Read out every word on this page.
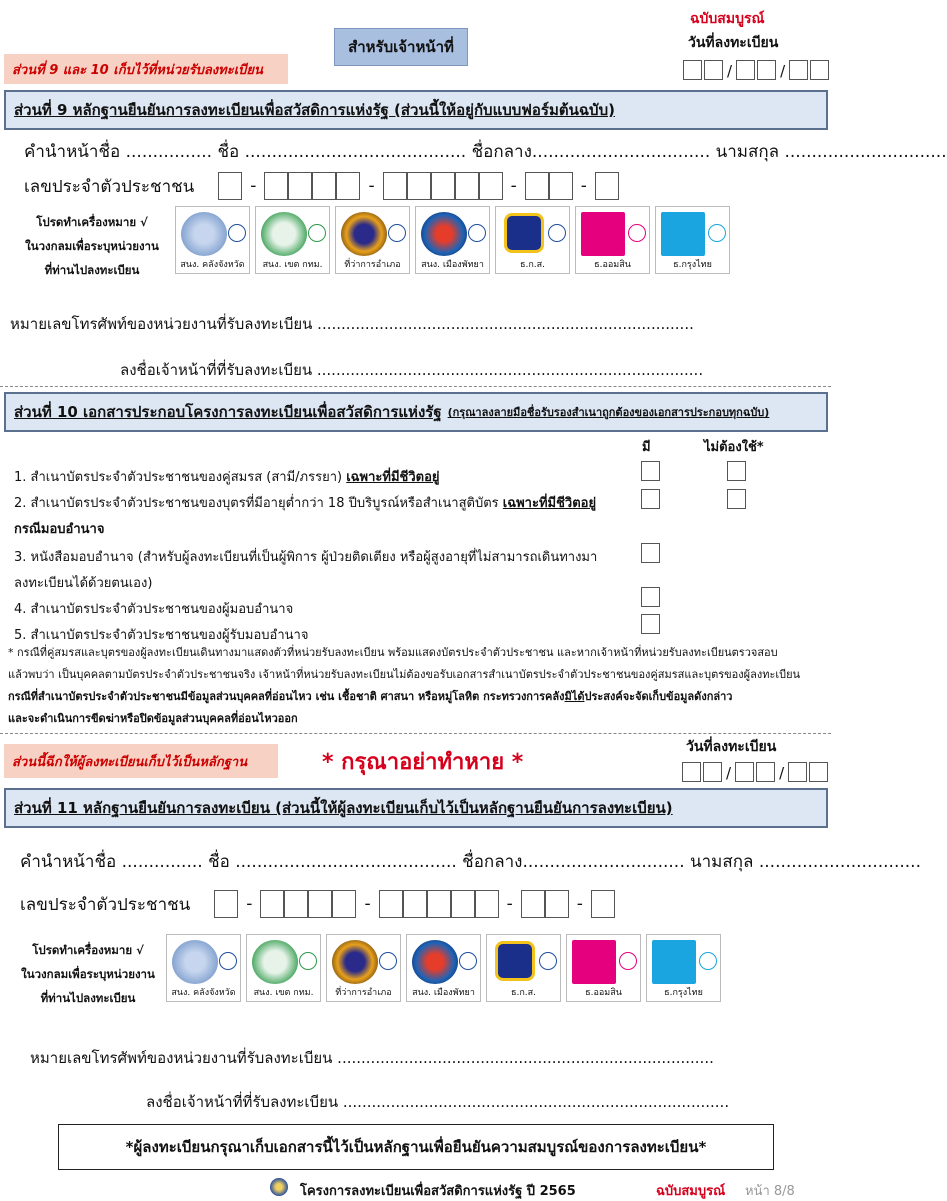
ฉบับสมบูรณ์
วันที่ลงทะเบียน
/	/
สำหรับเจ้าหน้าที่
ส่วนที่ 9 และ 10 เก็บไว้ที่หน่วยรับลงทะเบียน
ส่วนที่ 9 หลักฐานยืนยันการลงทะเบียนเพื่อสวัสดิการแห่งรัฐ (ส่วนนี้ให้อยู่กับแบบฟอร์มต้นฉบับ)
คำนำหน้าชื่อ ................ ชื่อ ......................................... ชื่อกลาง................................. นามสกุล ..............................
เลขประจำตัวประชาชน	-	-	-	-
โปรดทำเครื่องหมาย √
ในวงกลมเพื่อระบุหน่วยงาน
ที่ท่านไปลงทะเบียน	สนง. คลังจังหวัด	สนง. เขต กทม.	ที่ว่าการอำเภอ	สนง. เมืองพัทยา	ธ.ก.ส.	ธ.ออมสิน	ธ.กรุงไทย
หมายเลขโทรศัพท์ของหน่วยงานที่รับลงทะเบียน ...............................................................................
ลงชื่อเจ้าหน้าที่ที่รับลงทะเบียน .................................................................................
ส่วนที่ 10 เอกสารประกอบโครงการลงทะเบียนเพื่อสวัสดิการแห่งรัฐ (กรุณาลงลายมือชื่อรับรองสำเนาถูกต้องของเอกสารประกอบทุกฉบับ)
มี	ไม่ต้องใช้*
1. สำเนาบัตรประจำตัวประชาชนของคู่สมรส (สามี/ภรรยา) เฉพาะที่มีชีวิตอยู่
2. สำเนาบัตรประจำตัวประชาชนของบุตรที่มีอายุต่ำกว่า 18 ปีบริบูรณ์หรือสำเนาสูติบัตร เฉพาะที่มีชีวิตอยู่
กรณีมอบอำนาจ
3. หนังสือมอบอำนาจ (สำหรับผู้ลงทะเบียนที่เป็นผู้พิการ ผู้ป่วยติดเตียง หรือผู้สูงอายุที่ไม่สามารถเดินทางมา
ลงทะเบียนได้ด้วยตนเอง)
4. สำเนาบัตรประจำตัวประชาชนของผู้มอบอำนาจ
5. สำเนาบัตรประจำตัวประชาชนของผู้รับมอบอำนาจ
* กรณีที่คู่สมรสและบุตรของผู้ลงทะเบียนเดินทางมาแสดงตัวที่หน่วยรับลงทะเบียน พร้อมแสดงบัตรประจำตัวประชาชน และหากเจ้าหน้าที่หน่วยรับลงทะเบียนตรวจสอบ
แล้วพบว่า เป็นบุคคลตามบัตรประจำตัวประชาชนจริง เจ้าหน้าที่หน่วยรับลงทะเบียนไม่ต้องขอรับเอกสารสำเนาบัตรประจำตัวประชาชนของคู่สมรสและบุตรของผู้ลงทะเบียน
กรณีที่สำเนาบัตรประจำตัวประชาชนมีข้อมูลส่วนบุคคลที่อ่อนไหว เช่น เชื้อชาติ ศาสนา หรือหมู่โลหิต กระทรวงการคลังมิได้ประสงค์จะจัดเก็บข้อมูลดังกล่าว
และจะดำเนินการขีดฆ่าหรือปิดข้อมูลส่วนบุคคลที่อ่อนไหวออก
ส่วนนี้ฉีกให้ผู้ลงทะเบียนเก็บไว้เป็นหลักฐาน	* กรุณาอย่าทำหาย *
วันที่ลงทะเบียน
/	/
ส่วนที่ 11 หลักฐานยืนยันการลงทะเบียน (ส่วนนี้ให้ผู้ลงทะเบียนเก็บไว้เป็นหลักฐานยืนยันการลงทะเบียน)
คำนำหน้าชื่อ ............... ชื่อ ......................................... ชื่อกลาง.............................. นามสกุล ..............................
เลขประจำตัวประชาชน	-	-	-	-
โปรดทำเครื่องหมาย √
ในวงกลมเพื่อระบุหน่วยงาน
ที่ท่านไปลงทะเบียน	สนง. คลังจังหวัด	สนง. เขต กทม.	ที่ว่าการอำเภอ	สนง. เมืองพัทยา	ธ.ก.ส.	ธ.ออมสิน	ธ.กรุงไทย
หมายเลขโทรศัพท์ของหน่วยงานที่รับลงทะเบียน ...............................................................................
ลงชื่อเจ้าหน้าที่ที่รับลงทะเบียน .................................................................................
*ผู้ลงทะเบียนกรุณาเก็บเอกสารนี้ไว้เป็นหลักฐานเพื่อยืนยันความสมบูรณ์ของการลงทะเบียน*
โครงการลงทะเบียนเพื่อสวัสดิการแห่งรัฐ ปี 2565	ฉบับสมบูรณ์ หน้า 8/8
